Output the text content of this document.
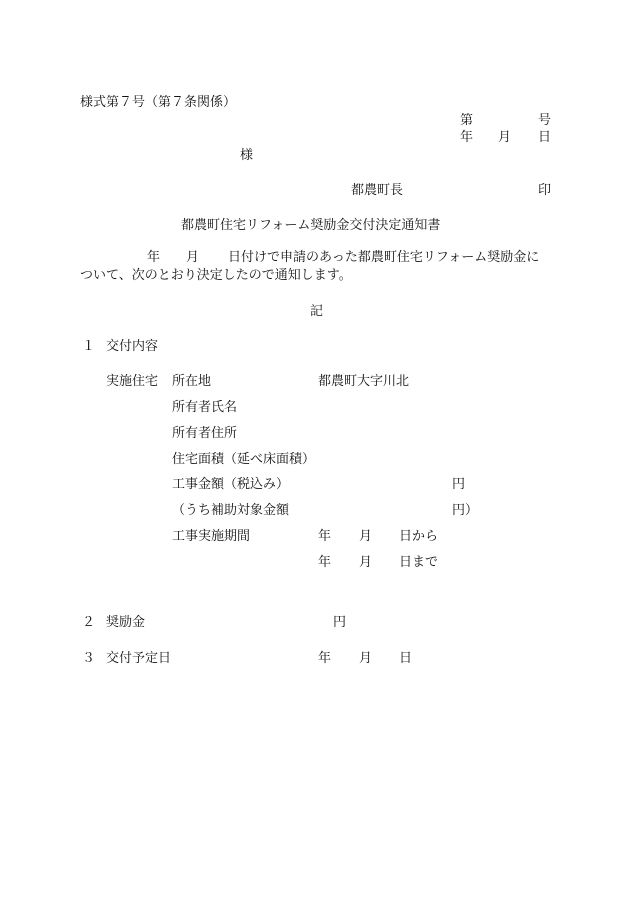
様式第７号（第７条関係）
第	号
年 月 日
様
都農町長	印
都農町住宅リフォーム奨励金交付決定通知書
年 月 日付けで申請のあった都農町住宅リフォーム奨励金に
ついて、次のとおり決定したので通知します。
記
１ 交付内容
実施住宅 所在地	都農町大字川北
所有者氏名
所有者住所
住宅面積（延べ床面積）
工事金額（税込み）	円
（うち補助対象金額	円）
工事実施期間	年 月 日から
年 月 日まで
２ 奨励金	円
３ 交付予定日	年 月 日
